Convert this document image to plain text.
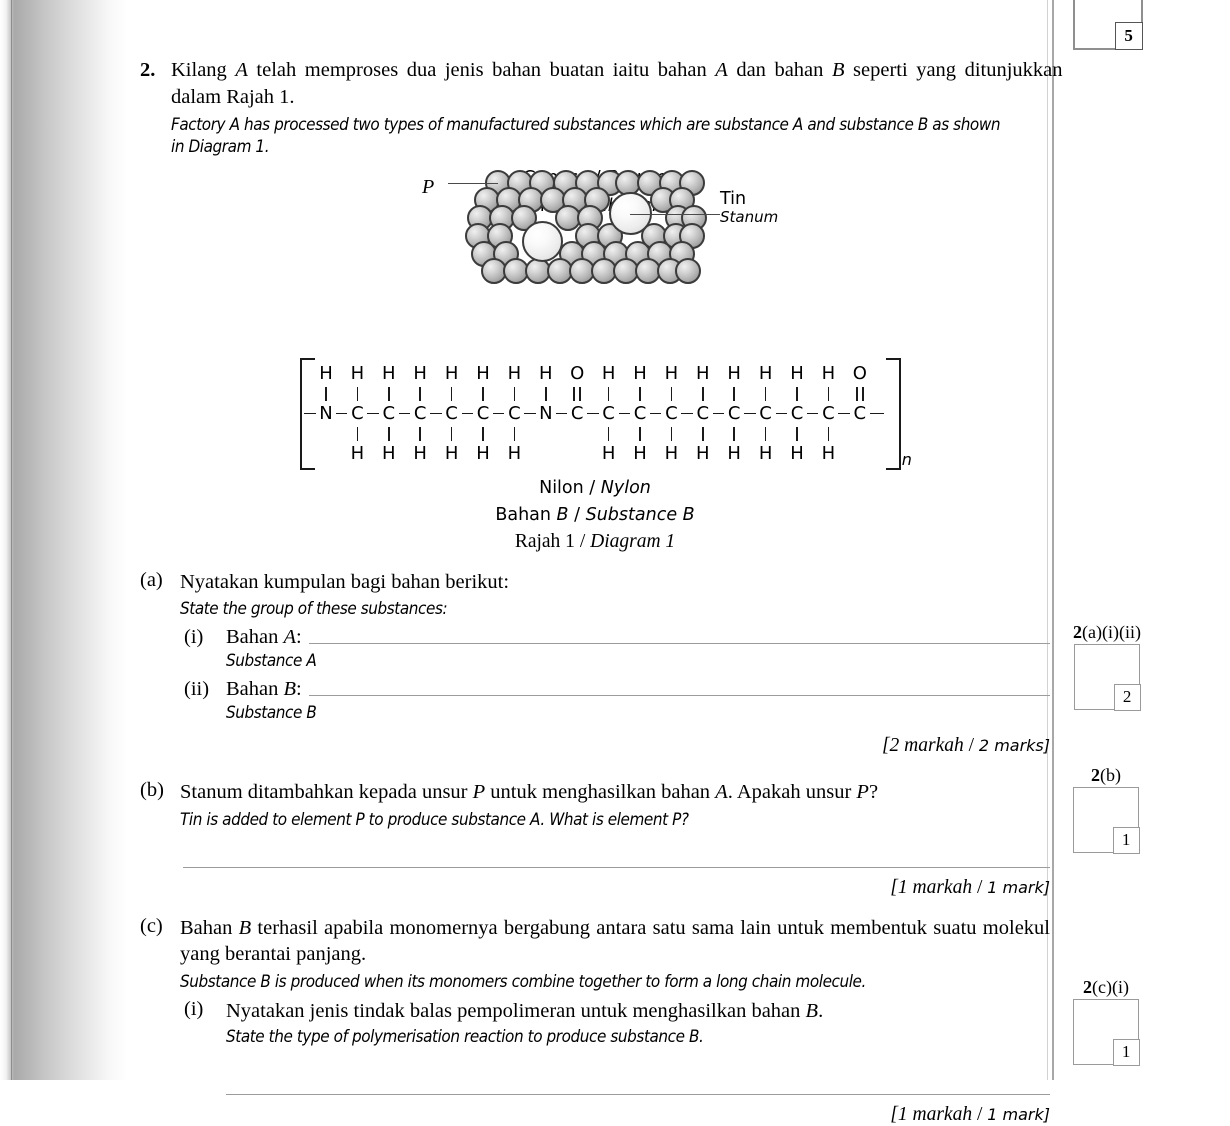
5
2. Kilang A telah memproses dua jenis bahan buatan iaitu bahan A dan bahan B seperti yang ditunjukkan dalam Rajah 1.
Factory A has processed two types of manufactured substances which are substance A and substance B as shown
in Diagram 1.
P
Tin
Stanum
N C C C C C C N C C C C C C C C C C
H H H H H H H H O H H H H H H H H O
H H H H H H	H H H H H H H H	n
Nilon / Nylon
Bahan B / Substance B
Rajah 1 / Diagram 1
(a) Nyatakan kumpulan bagi bahan berikut:
State the group of these substances:
(i)	Bahan A:
Substance A
(ii) Bahan B:
Substance B
[2 markah / 2 marks]
(b) Stanum ditambahkan kepada unsur P untuk menghasilkan bahan A. Apakah unsur P?
Tin is added to element P to produce substance A. What is element P?
[1 markah / 1 mark]
(c) Bahan B terhasil apabila monomernya bergabung antara satu sama lain untuk membentuk suatu molekul yang berantai panjang.
Substance B is produced when its monomers combine together to form a long chain molecule.
(i)	Nyatakan jenis tindak balas pempolimeran untuk menghasilkan bahan B.
State the type of polymerisation reaction to produce substance B.
[1 markah / 1 mark]
2(a)(i)(ii)
2
2(b)
1
2(c)(i)
1
